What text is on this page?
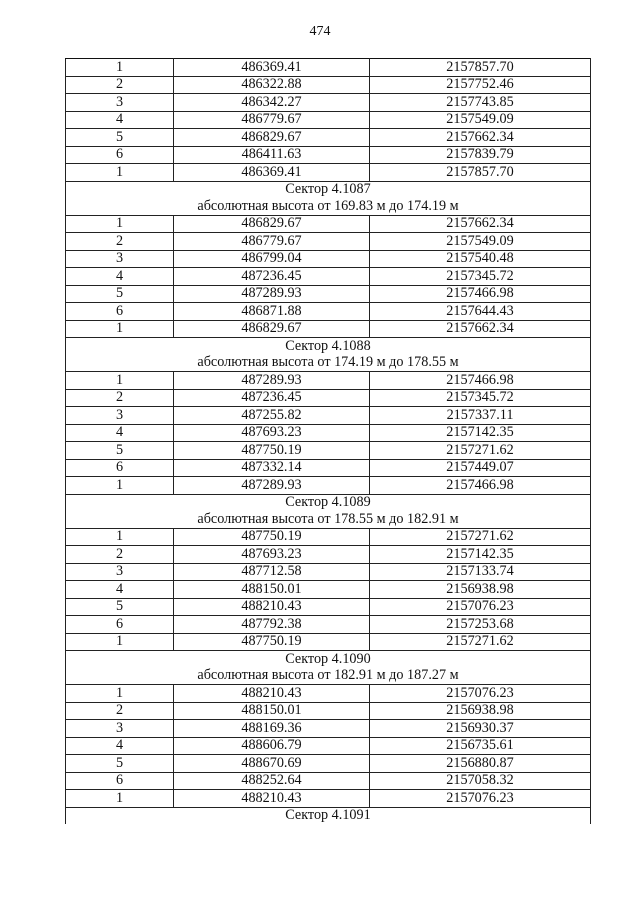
474
1	486369.41	2157857.70
2	486322.88	2157752.46
3	486342.27	2157743.85
4	486779.67	2157549.09
5	486829.67	2157662.34
6	486411.63	2157839.79
1	486369.41	2157857.70
Сектор 4.1087		
абсолютная высота от 169.83 м до 174.19 м		
1	486829.67	2157662.34
2	486779.67	2157549.09
3	486799.04	2157540.48
4	487236.45	2157345.72
5	487289.93	2157466.98
6	486871.88	2157644.43
1	486829.67	2157662.34
Сектор 4.1088		
абсолютная высота от 174.19 м до 178.55 м		
1	487289.93	2157466.98
2	487236.45	2157345.72
3	487255.82	2157337.11
4	487693.23	2157142.35
5	487750.19	2157271.62
6	487332.14	2157449.07
1	487289.93	2157466.98
Сектор 4.1089		
абсолютная высота от 178.55 м до 182.91 м		
1	487750.19	2157271.62
2	487693.23	2157142.35
3	487712.58	2157133.74
4	488150.01	2156938.98
5	488210.43	2157076.23
6	487792.38	2157253.68
1	487750.19	2157271.62
Сектор 4.1090		
абсолютная высота от 182.91 м до 187.27 м		
1	488210.43	2157076.23
2	488150.01	2156938.98
3	488169.36	2156930.37
4	488606.79	2156735.61
5	488670.69	2156880.87
6	488252.64	2157058.32
1	488210.43	2157076.23
Сектор 4.1091		
